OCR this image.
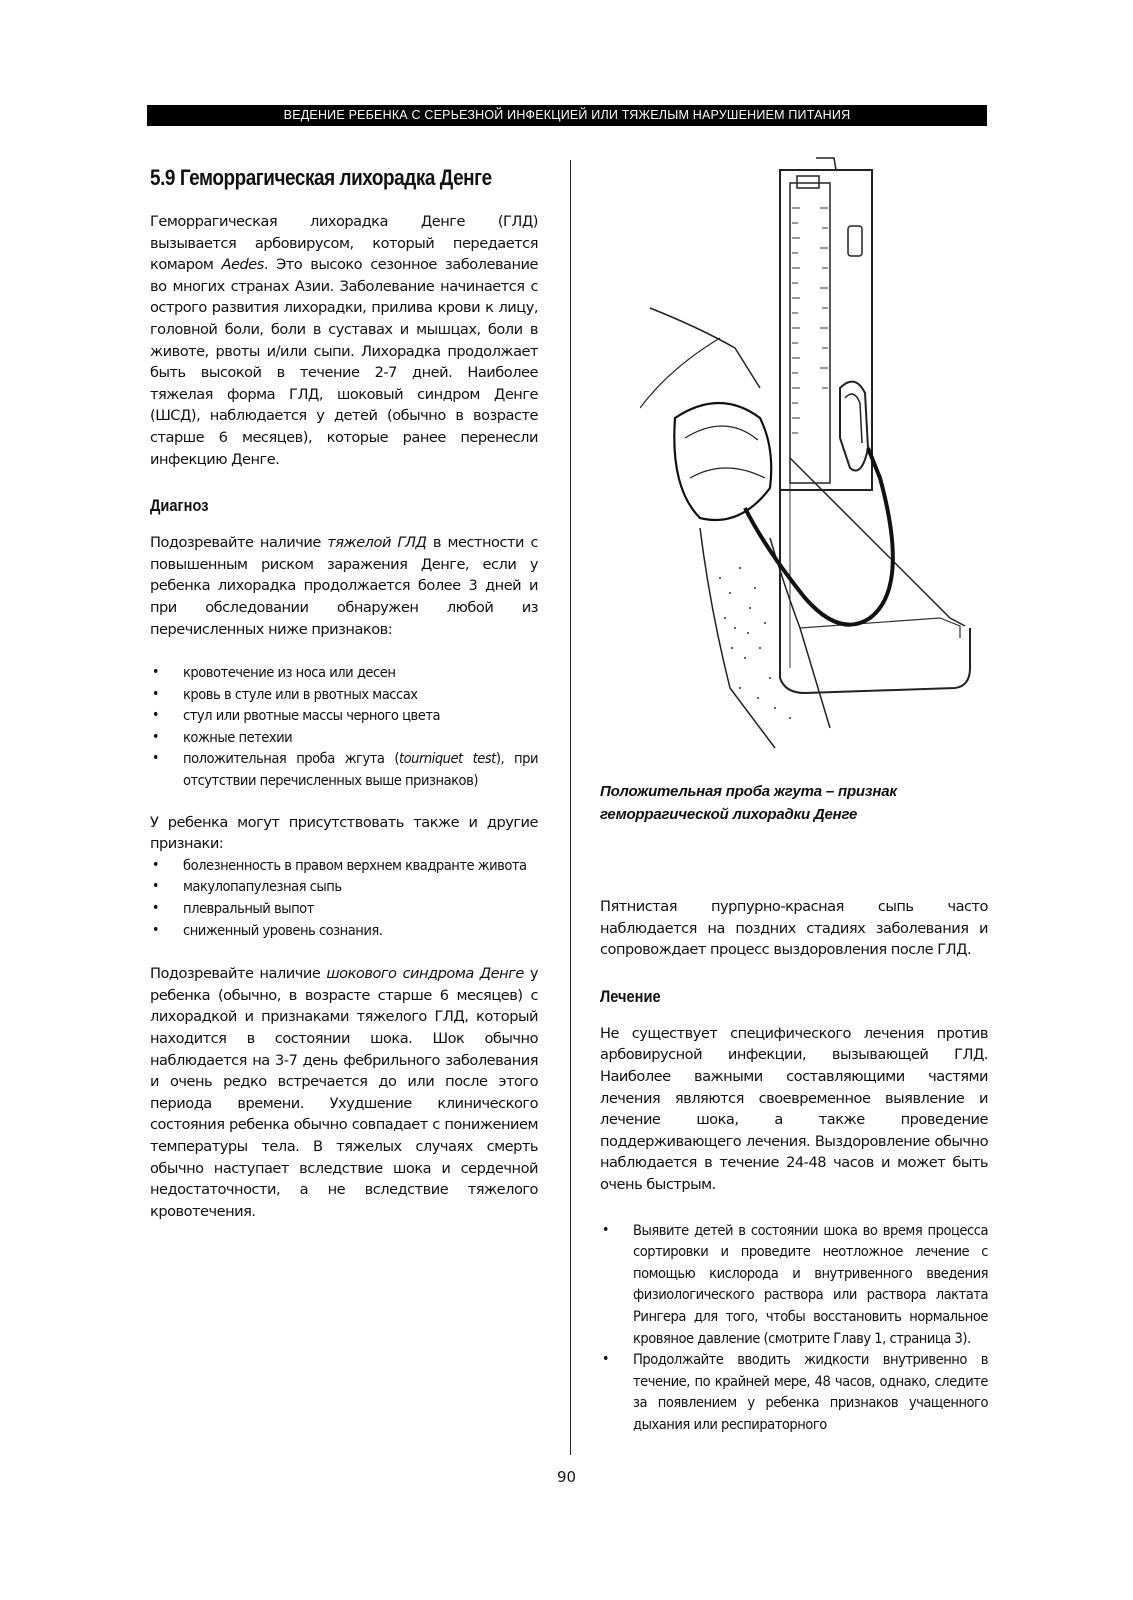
ВЕДЕНИЕ РЕБЕНКА С СЕРЬЕЗНОЙ ИНФЕКЦИЕЙ ИЛИ ТЯЖЕЛЫМ НАРУШЕНИЕМ ПИТАНИЯ
5.9 Геморрагическая лихорадка Денге

Геморрагическая лихорадка Денге (ГЛД) вызывается арбовирусом, который передается комаром Aedes. Это высоко сезонное заболевание во многих странах Азии. Заболевание начинается с острого развития лихорадки, прилива крови к лицу, головной боли, боли в суставах и мышцах, боли в животе, рвоты и/или сыпи. Лихорадка продолжает быть высокой в течение 2-7 дней. Наиболее тяжелая форма ГЛД, шоковый синдром Денге (ШСД), наблюдается у детей (обычно в возрасте старше 6 месяцев), которые ранее перенесли инфекцию Денге.

Диагноз

Подозревайте наличие тяжелой ГЛД в местности с повышенным риском заражения Денге, если у ребенка лихорадка продолжается более 3 дней и при обследовании обнаружен любой из перечисленных ниже признаков:

• кровотечение из носа или десен
• кровь в стуле или в рвотных массах
• стул или рвотные массы черного цвета
• кожные петехии
• положительная проба жгута (tourniquet test), при отсутствии перечисленных выше признаков)

У ребенка могут присутствовать также и другие признаки:

• болезненность в правом верхнем квадранте живота
• макулопапулезная сыпь
• плевральный выпот
• сниженный уровень сознания.

Подозревайте наличие шокового синдрома Денге у ребенка (обычно, в возрасте старше 6 месяцев) с лихорадкой и признаками тяжелого ГЛД, который находится в состоянии шока. Шок обычно наблюдается на 3-7 день фебрильного заболевания и очень редко встречается до или после этого периода времени. Ухудшение клинического состояния ребенка обычно совпадает с понижением температуры тела. В тяжелых случаях смерть обычно наступает вследствие шока и сердечной недостаточности, а не вследствие тяжелого кровотечения.

Положительная проба жгута – признак геморрагической лихорадки Денге

Пятнистая пурпурно-красная сыпь часто наблюдается на поздних стадиях заболевания и сопровождает процесс выздоровления после ГЛД.

Лечение

Не существует специфического лечения против арбовирусной инфекции, вызывающей ГЛД. Наиболее важными составляющими частями лечения являются своевременное выявление и лечение шока, а также проведение поддерживающего лечения. Выздоровление обычно наблюдается в течение 24-48 часов и может быть очень быстрым.

• Выявите детей в состоянии шока во время процесса сортировки и проведите неотложное лечение с помощью кислорода и внутривенного введения физиологического раствора или раствора лактата Рингера для того, чтобы восстановить нормальное кровяное давление (смотрите Главу 1, страница 3).
• Продолжайте вводить жидкости внутривенно в течение, по крайней мере, 48 часов, однако, следите за появлением у ребенка признаков учащенного дыхания или респираторного
90
